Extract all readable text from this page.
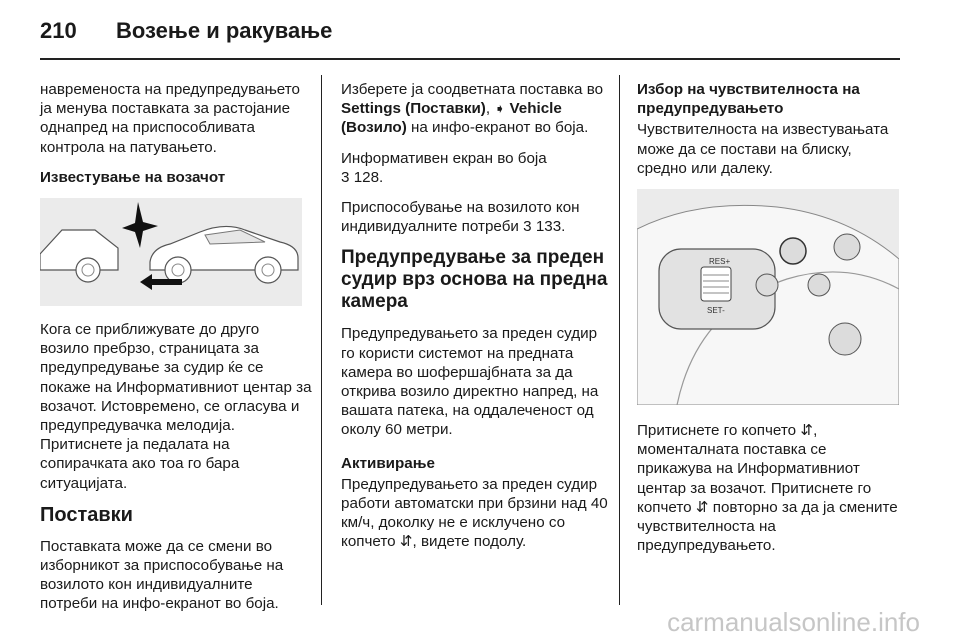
210 Возење и ракување

навременоста на предупредувањето ја менува поставката за растојание однапред на приспособливата контрола на патувањето.

Известување на возачот

Кога се приближувате до друго возило пребрзо, страницата за предупредување за судир ќе се покаже на Информативниот центар за возачот. Истовремено, се огласува и предупредувачка мелодија. Притиснете ја педалата на сопирачката ако тоа го бара ситуацијата.

Поставки

Поставката може да се смени во изборникот за приспособување на возилото кон индивидуалните потреби на инфо-екранот во боја.

Изберете ја соодветната поставка во Settings (Поставки), ➧ Vehicle (Возило) на инфо-екранот во боја.

Информативен екран во боја
3 128.

Приспособување на возилото кон индивидуалните потреби 3 133.

Предупредување за преден судир врз основа на предна камера

Предупредувањето за преден судир го користи системот на предната камера во шофершајбната за да открива возило директно напред, на вашата патека, на оддалеченост од околу 60 метри.

Активирање

Предупредувањето за преден судир работи автоматски при брзини над 40 км/ч, доколку не е исклучено со копчето ⇵, видете подолу.

Избор на чувствителноста на предупредувањето

Чувствителноста на известувањата може да се постави на блиску, средно или далеку.

RES+
SET-

Притиснете го копчето ⇵, моменталната поставка се прикажува на Информативниот центар за возачот. Притиснете го копчето ⇵ повторно за да ја смените чувствителноста на предупредувањето.

carmanualsonline.info
